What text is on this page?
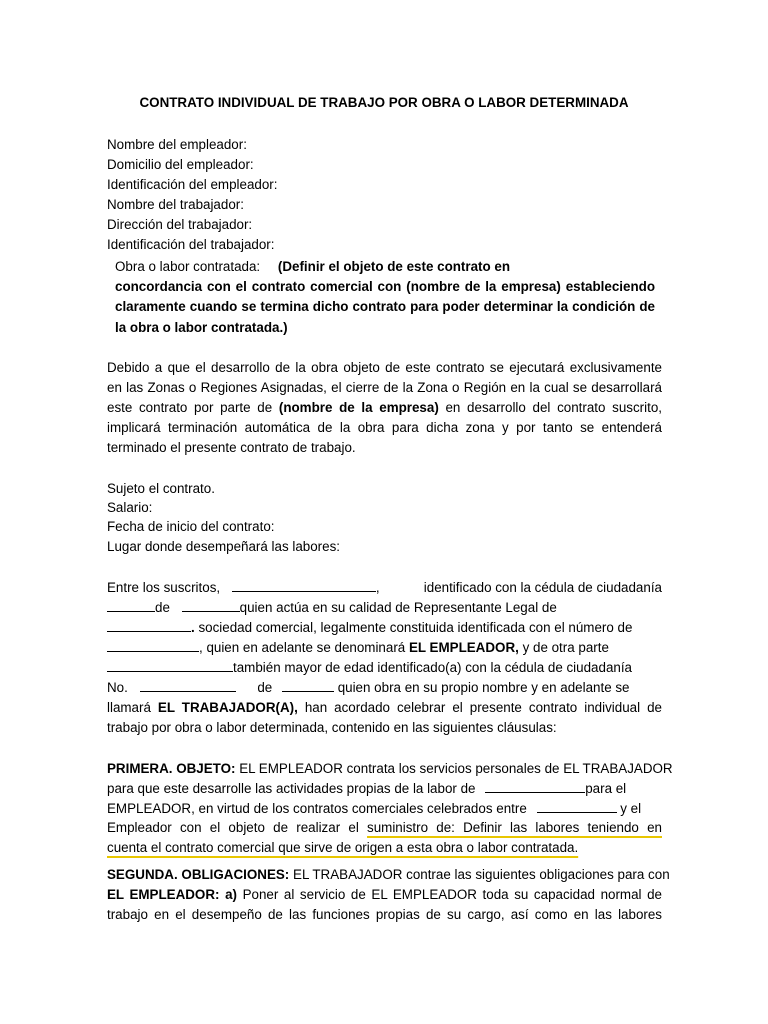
CONTRATO INDIVIDUAL DE TRABAJO POR OBRA O LABOR DETERMINADA
Nombre del empleador:
Domicilio del empleador:
Identificación del empleador:
Nombre del trabajador:
Dirección del trabajador:
Identificación del trabajador:
Obra o labor contratada: (Definir el objeto de este contrato en
concordancia con el contrato comercial con (nombre de la empresa) estableciendo
claramente cuando se termina dicho contrato para poder determinar la condición de
la obra o labor contratada.)
Debido a que el desarrollo de la obra objeto de este contrato se ejecutará exclusivamente
en las Zonas o Regiones Asignadas, el cierre de la Zona o Región en la cual se desarrollará
este contrato por parte de (nombre de la empresa) en desarrollo del contrato suscrito,
implicará terminación automática de la obra para dicha zona y por tanto se entenderá
terminado el presente contrato de trabajo.
Sujeto el contrato.
Salario:
Fecha de inicio del contrato:
Lugar donde desempeñará las labores:
Entre los suscritos,	,	identificado con la cédula de ciudadanía
de	quien actúa en su calidad de Representante Legal de
. sociedad comercial, legalmente constituida identificada con el número de
, quien en adelante se denominará EL EMPLEADOR, y de otra parte
también mayor de edad identificado(a) con la cédula de ciudadanía
No.	de	quien obra en su propio nombre y en adelante se
llamará EL TRABAJADOR(A), han acordado celebrar el presente contrato individual de
trabajo por obra o labor determinada, contenido en las siguientes cláusulas:
PRIMERA. OBJETO: EL EMPLEADOR contrata los servicios personales de EL TRABAJADOR
para que este desarrolle las actividades propias de la labor de	para el
EMPLEADOR, en virtud de los contratos comerciales celebrados entre	y el
Empleador con el objeto de realizar el suministro de: Definir las labores teniendo en
cuenta el contrato comercial que sirve de origen a esta obra o labor contratada.
SEGUNDA. OBLIGACIONES: EL TRABAJADOR contrae las siguientes obligaciones para con
EL EMPLEADOR: a) Poner al servicio de EL EMPLEADOR toda su capacidad normal de
trabajo en el desempeño de las funciones propias de su cargo, así como en las labores
